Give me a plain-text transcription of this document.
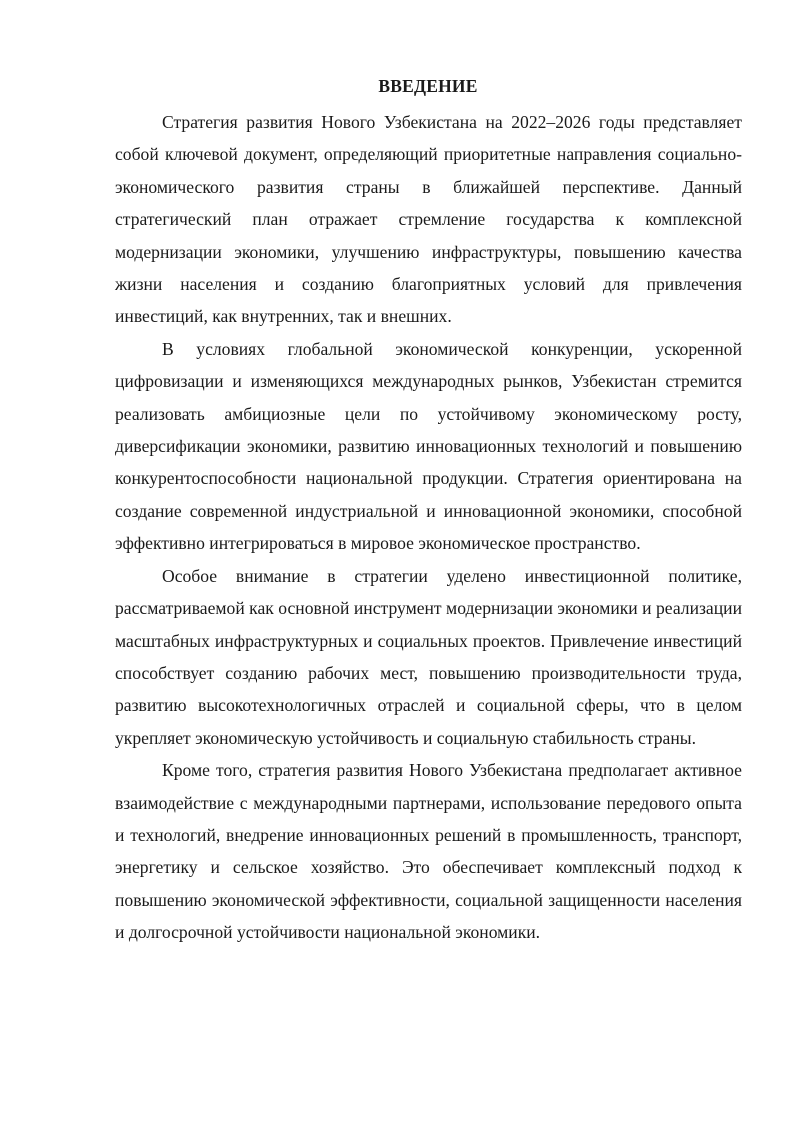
ВВЕДЕНИЕ

Стратегия развития Нового Узбекистана на 2022–2026 годы представляет собой ключевой документ, определяющий приоритетные направления социально-экономического развития страны в ближайшей перспективе. Данный стратегический план отражает стремление государства к комплексной модернизации экономики, улучшению инфраструктуры, повышению качества жизни населения и созданию благоприятных условий для привлечения инвестиций, как внутренних, так и внешних.

В условиях глобальной экономической конкуренции, ускоренной цифровизации и изменяющихся международных рынков, Узбекистан стремится реализовать амбициозные цели по устойчивому экономическому росту, диверсификации экономики, развитию инновационных технологий и повышению конкурентоспособности национальной продукции. Стратегия ориентирована на создание современной индустриальной и инновационной экономики, способной эффективно интегрироваться в мировое экономическое пространство.

Особое внимание в стратегии уделено инвестиционной политике, рассматриваемой как основной инструмент модернизации экономики и реализации масштабных инфраструктурных и социальных проектов. Привлечение инвестиций способствует созданию рабочих мест, повышению производительности труда, развитию высокотехнологичных отраслей и социальной сферы, что в целом укрепляет экономическую устойчивость и социальную стабильность страны.

Кроме того, стратегия развития Нового Узбекистана предполагает активное взаимодействие с международными партнерами, использование передового опыта и технологий, внедрение инновационных решений в промышленность, транспорт, энергетику и сельское хозяйство. Это обеспечивает комплексный подход к повышению экономической эффективности, социальной защищенности населения и долгосрочной устойчивости национальной экономики.
